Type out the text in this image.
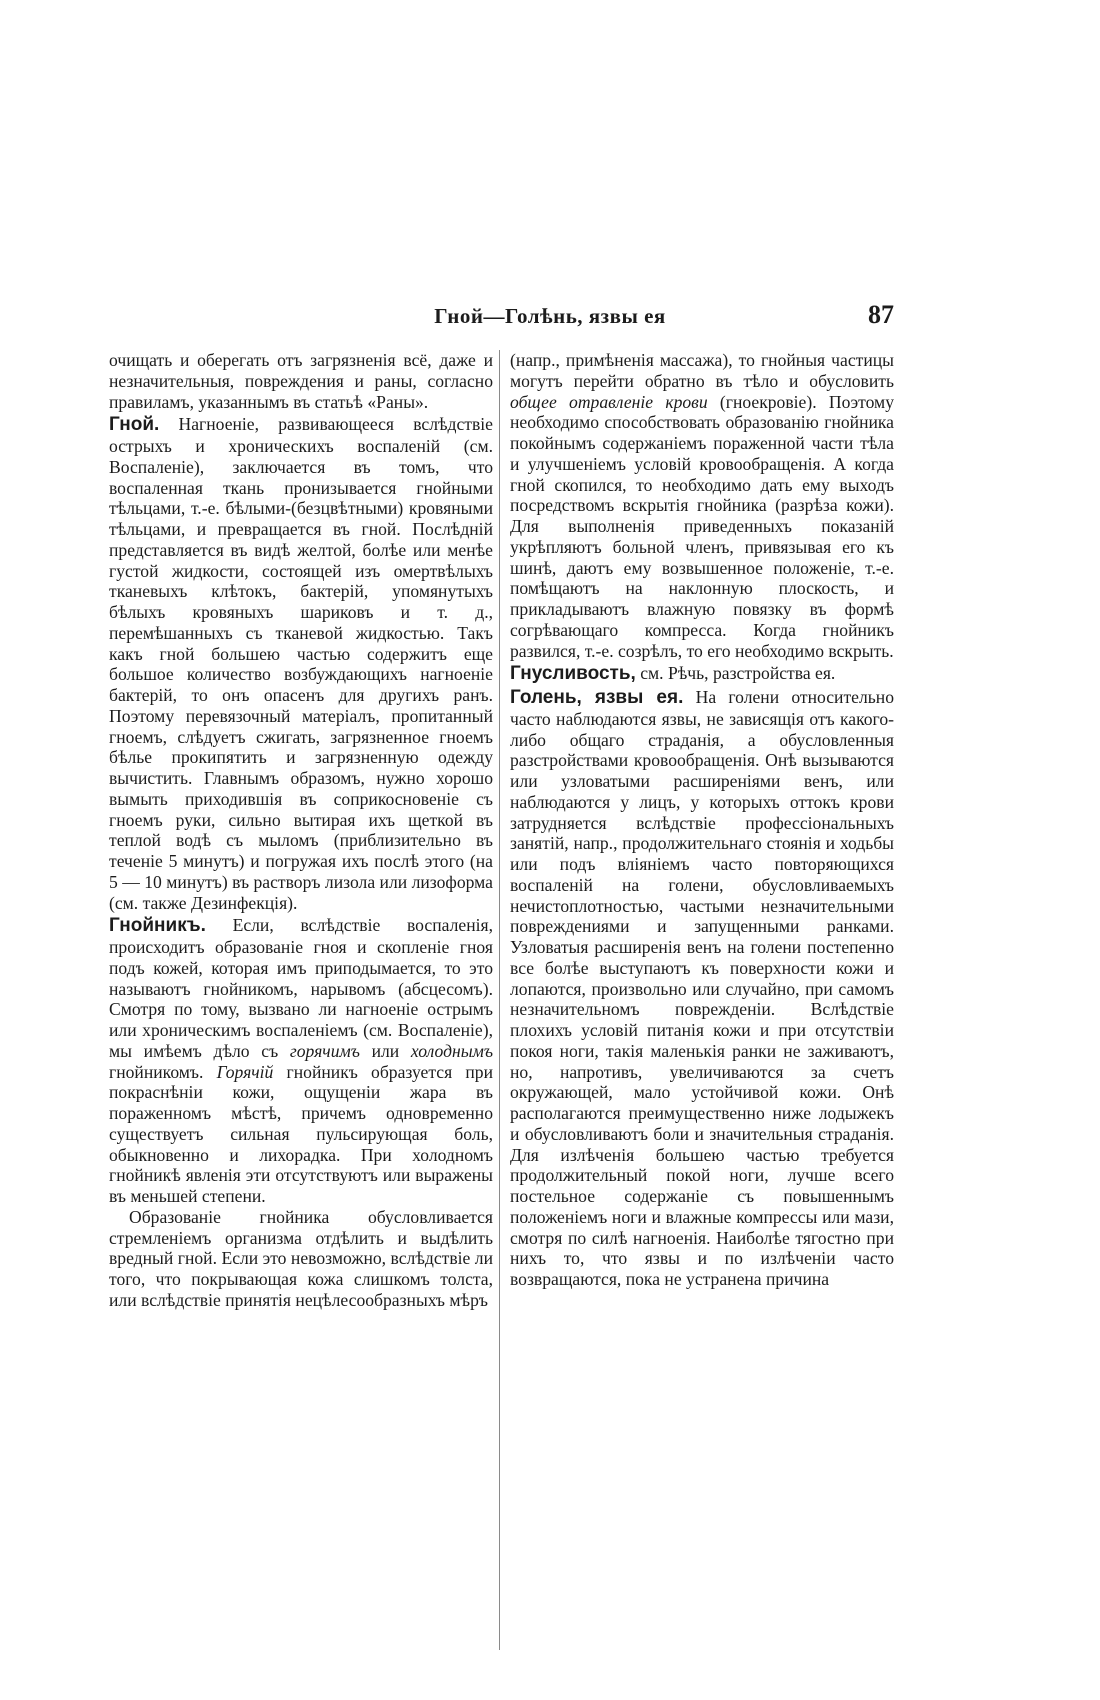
Гной—Голѣнь, язвы ея	87

очищать и оберегать отъ загрязненія всё, даже и незначительныя, повреждения и раны, согласно правиламъ, указаннымъ въ статьѣ «Раны».

Гной. Нагноеніе, развивающееся вслѣдствіе острыхъ и хроническихъ воспаленій (см. Воспаленіе), заключается въ томъ, что воспаленная ткань пронизывается гнойными тѣльцами, т.-е. бѣлыми-(безцвѣтными) кровяными тѣльцами, и превращается въ гной. Послѣдній представляется въ видѣ желтой, болѣе или менѣе густой жидкости, состоящей изъ омертвѣлыхъ тканевыхъ клѣтокъ, бактерій, упомянутыхъ бѣлыхъ кровяныхъ шариковъ и т. д., перемѣшанныхъ съ тканевой жидкостью. Такъ какъ гной большею частью содержитъ еще большое количество возбуждающихъ нагноеніе бактерій, то онъ опасенъ для другихъ ранъ. Поэтому перевязочный матеріалъ, пропитанный гноемъ, слѣдуетъ сжигать, загрязненное гноемъ бѣлье прокипятить и загрязненную одежду вычистить. Главнымъ образомъ, нужно хорошо вымыть приходившія въ соприкосновеніе съ гноемъ руки, сильно вытирая ихъ щеткой въ теплой водѣ съ мыломъ (приблизительно въ теченіе 5 минутъ) и погружая ихъ послѣ этого (на 5 — 10 минутъ) въ растворъ лизола или лизоформа (см. также Дезинфекція).

Гнойникъ. Если, вслѣдствіе воспаленія, происходитъ образованіе гноя и скопленіе гноя подъ кожей, которая имъ приподымается, то это называютъ гнойникомъ, нарывомъ (абсцесомъ). Смотря по тому, вызвано ли нагноеніе острымъ или хроническимъ воспаленіемъ (см. Воспаленіе), мы имѣемъ дѣло съ горячимъ или холоднымъ гнойникомъ. Горячій гнойникъ образуется при покраснѣніи кожи, ощущеніи жара въ пораженномъ мѣстѣ, причемъ одновременно существуетъ сильная пульсирующая боль, обыкновенно и лихорадка. При холодномъ гнойникѣ явленія эти отсутствуютъ или выражены въ меньшей степени.

Образованіе гнойника обусловливается стремленіемъ организма отдѣлить и выдѣлить вредный гной. Если это невозможно, вслѣдствіе ли того, что покрывающая кожа слишкомъ толста, или вслѣдствіе принятія нецѣлесообразныхъ мѣръ

(напр., примѣненія массажа), то гнойныя частицы могутъ перейти обратно въ тѣло и обусловить общее отравленіе крови (гноекровіе). Поэтому необходимо способствовать образованію гнойника покойнымъ содержаніемъ пораженной части тѣла и улучшеніемъ условій кровообращенія. А когда гной скопился, то необходимо дать ему выходъ посредствомъ вскрытія гнойника (разрѣза кожи). Для выполненія приведенныхъ показаній укрѣпляютъ больной членъ, привязывая его къ шинѣ, даютъ ему возвышенное положеніе, т.-е. помѣщаютъ на наклонную плоскость, и прикладываютъ влажную повязку въ формѣ согрѣвающаго компресса. Когда гнойникъ развился, т.-е. созрѣлъ, то его необходимо вскрыть.

Гнусливость, см. Рѣчь, разстройства ея.

Голень, язвы ея. На голени относительно часто наблюдаются язвы, не зависящія отъ какого-либо общаго страданія, а обусловленныя разстройствами кровообращенія. Онѣ вызываются или узловатыми расширеніями венъ, или наблюдаются у лицъ, у которыхъ оттокъ крови затрудняется вслѣдствіе профессіональныхъ занятій, напр., продолжительнаго стоянія и ходьбы или подъ вліяніемъ часто повторяющихся воспаленій на голени, обусловливаемыхъ нечистоплотностью, частыми незначительными повреждениями и запущенными ранками. Узловатыя расширенія венъ на голени постепенно все болѣе выступаютъ къ поверхности кожи и лопаются, произвольно или случайно, при самомъ незначительномъ поврежденіи. Вслѣдствіе плохихъ условій питанія кожи и при отсутствіи покоя ноги, такія маленькія ранки не заживаютъ, но, напротивъ, увеличиваются за счетъ окружающей, мало устойчивой кожи. Онѣ располагаются преимущественно ниже лодыжекъ и обусловливаютъ боли и значительныя страданія. Для излѣченія большею частью требуется продолжительный покой ноги, лучше всего постельное содержаніе съ повышеннымъ положеніемъ ноги и влажные компрессы или мази, смотря по силѣ нагноенія. Наиболѣе тягостно при нихъ то, что язвы и по излѣченіи часто возвращаются, пока не устранена причина
